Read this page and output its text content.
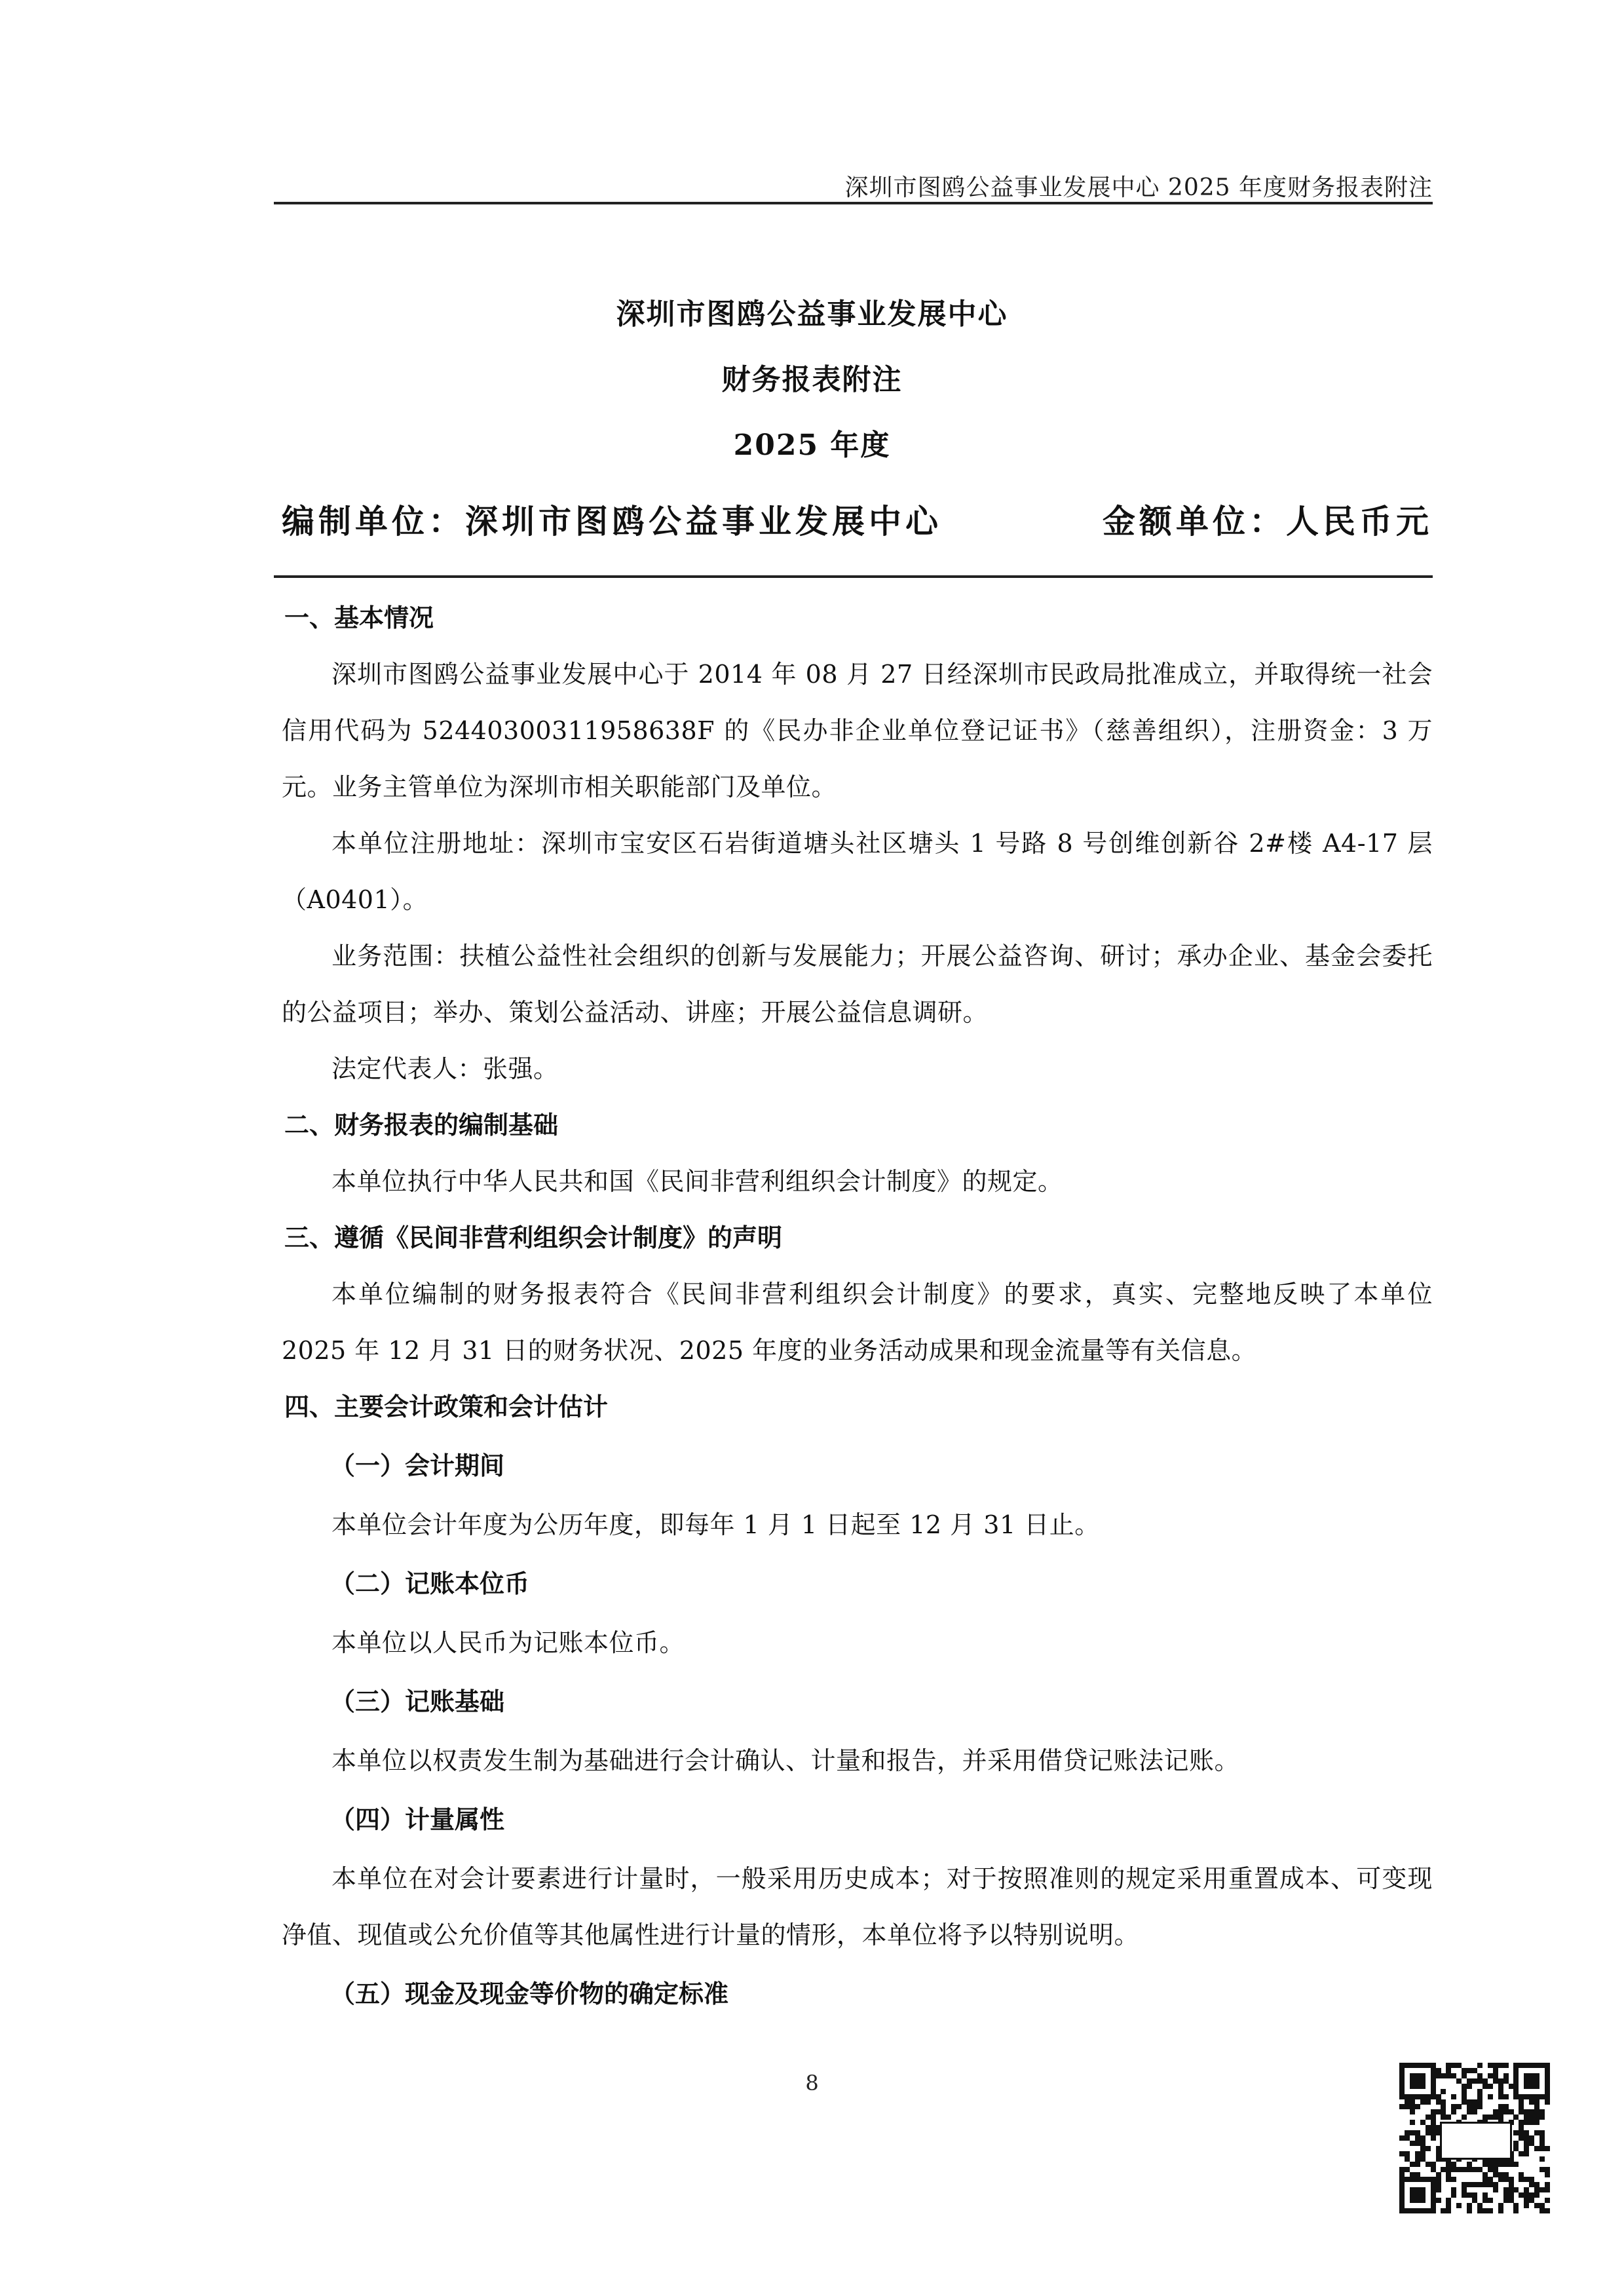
深圳市图鸥公益事业发展中心 2025 年度财务报表附注
深圳市图鸥公益事业发展中心
财务报表附注
2025 年度
编制单位：深圳市图鸥公益事业发展中心	金额单位：人民币元
一、基本情况

深圳市图鸥公益事业发展中心于 2014 年 08 月 27 日经深圳市民政局批准成立，并取得统一社会信用代码为 52440300311958638F 的《民办非企业单位登记证书》（慈善组织），注册资金：3 万元。业务主管单位为深圳市相关职能部门及单位。

本单位注册地址：深圳市宝安区石岩街道塘头社区塘头 1 号路 8 号创维创新谷 2#楼 A4-17 层（A0401）。

业务范围：扶植公益性社会组织的创新与发展能力；开展公益咨询、研讨；承办企业、基金会委托的公益项目；举办、策划公益活动、讲座；开展公益信息调研。

法定代表人：张强。

二、财务报表的编制基础

本单位执行中华人民共和国《民间非营利组织会计制度》的规定。

三、遵循《民间非营利组织会计制度》的声明

本单位编制的财务报表符合《民间非营利组织会计制度》的要求，真实、完整地反映了本单位 2025 年 12 月 31 日的财务状况、2025 年度的业务活动成果和现金流量等有关信息。

四、主要会计政策和会计估计
（一）会计期间

本单位会计年度为公历年度，即每年 1 月 1 日起至 12 月 31 日止。

（二）记账本位币

本单位以人民币为记账本位币。

（三）记账基础

本单位以权责发生制为基础进行会计确认、计量和报告，并采用借贷记账法记账。

（四）计量属性

本单位在对会计要素进行计量时，一般采用历史成本；对于按照准则的规定采用重置成本、可变现净值、现值或公允价值等其他属性进行计量的情形，本单位将予以特别说明。

（五）现金及现金等价物的确定标准
8
